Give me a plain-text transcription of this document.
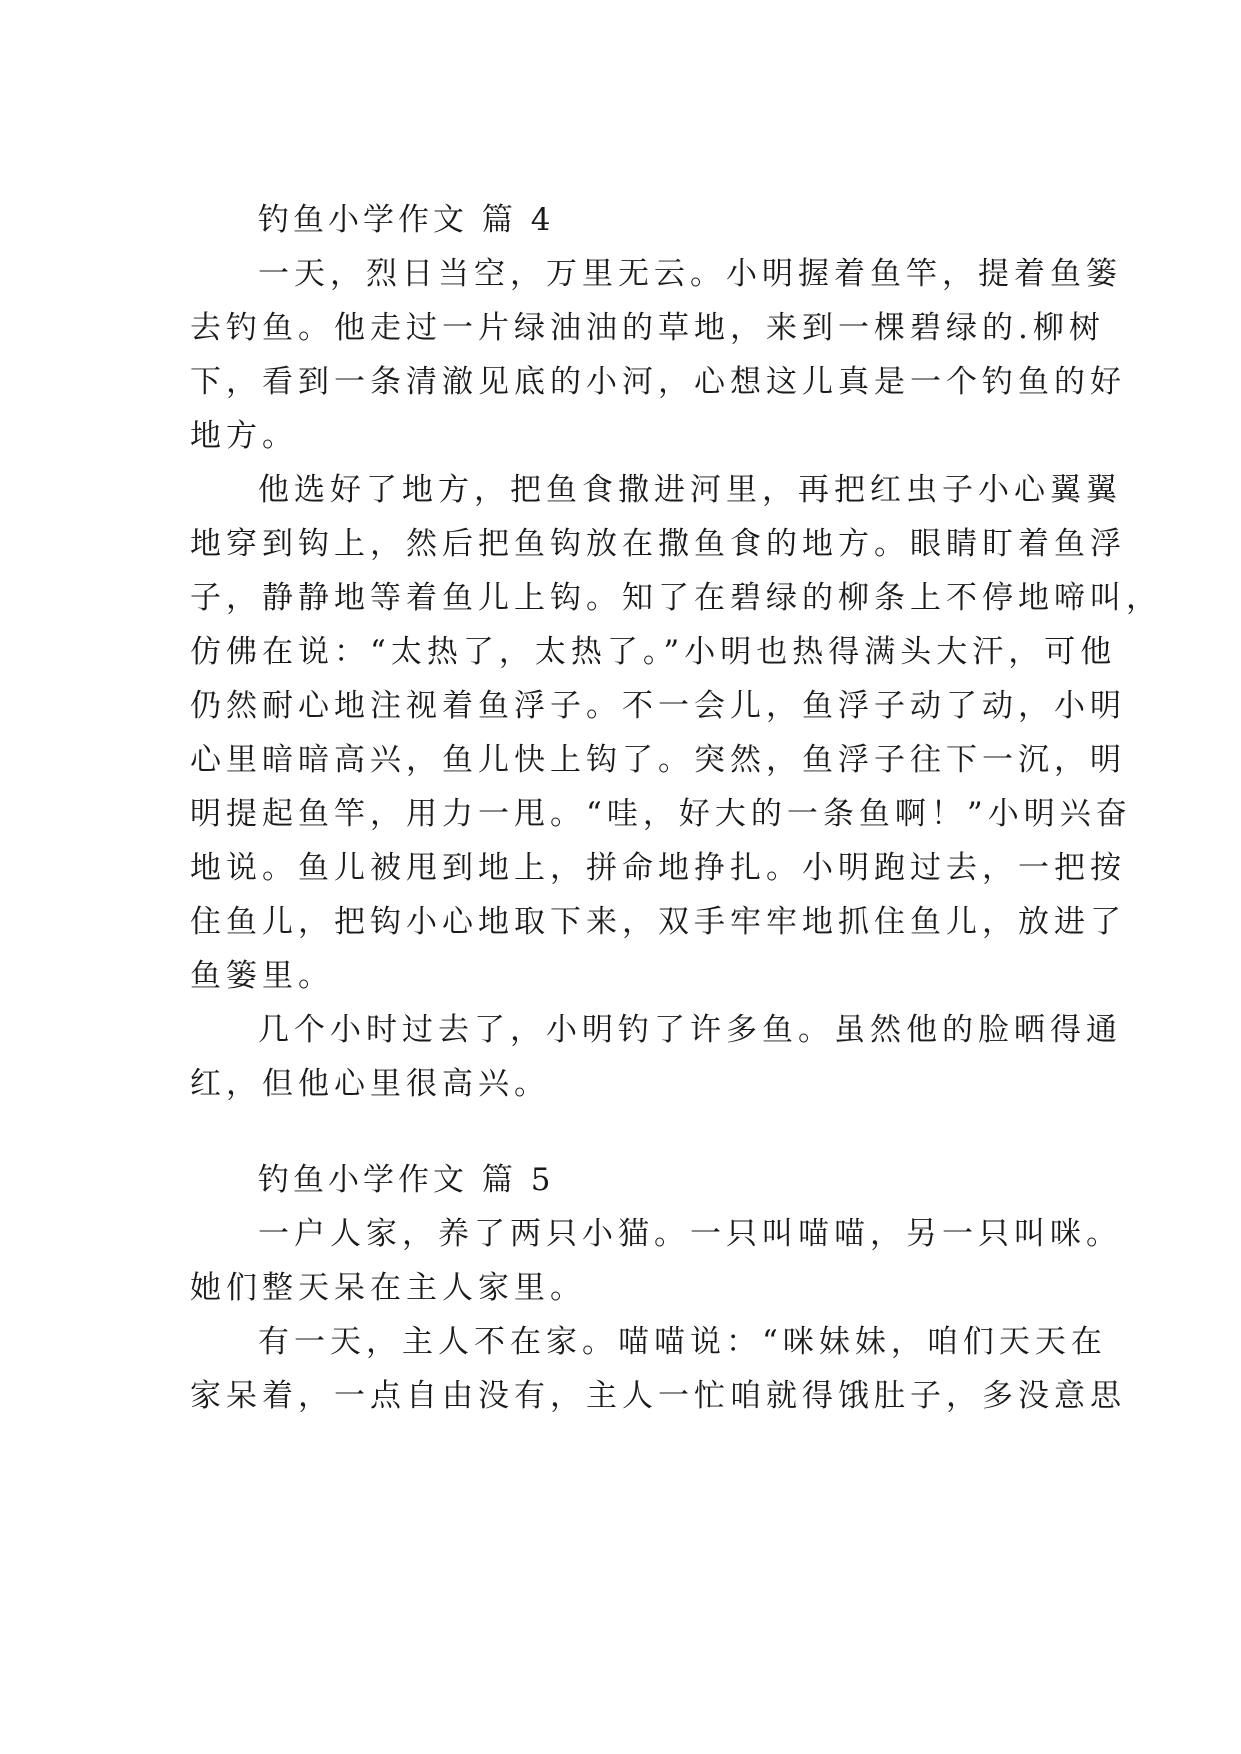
钓鱼小学作文 篇 4
一天，烈日当空，万里无云。小明握着鱼竿，提着鱼篓
去钓鱼。他走过一片绿油油的草地，来到一棵碧绿的.柳树
下，看到一条清澈见底的小河，心想这儿真是一个钓鱼的好
地方。
他选好了地方，把鱼食撒进河里，再把红虫子小心翼翼
地穿到钩上，然后把鱼钩放在撒鱼食的地方。眼睛盯着鱼浮
子，静静地等着鱼儿上钩。知了在碧绿的柳条上不停地啼叫，
仿佛在说：“太热了，太热了。”小明也热得满头大汗，可他
仍然耐心地注视着鱼浮子。不一会儿，鱼浮子动了动，小明
心里暗暗高兴，鱼儿快上钩了。突然，鱼浮子往下一沉，明
明提起鱼竿，用力一甩。“哇，好大的一条鱼啊！”小明兴奋
地说。鱼儿被甩到地上，拼命地挣扎。小明跑过去，一把按
住鱼儿，把钩小心地取下来，双手牢牢地抓住鱼儿，放进了
鱼篓里。
几个小时过去了，小明钓了许多鱼。虽然他的脸晒得通
红，但他心里很高兴。
钓鱼小学作文 篇 5
一户人家，养了两只小猫。一只叫喵喵，另一只叫咪。
她们整天呆在主人家里。
有一天，主人不在家。喵喵说：“咪妹妹，咱们天天在
家呆着，一点自由没有，主人一忙咱就得饿肚子，多没意思
